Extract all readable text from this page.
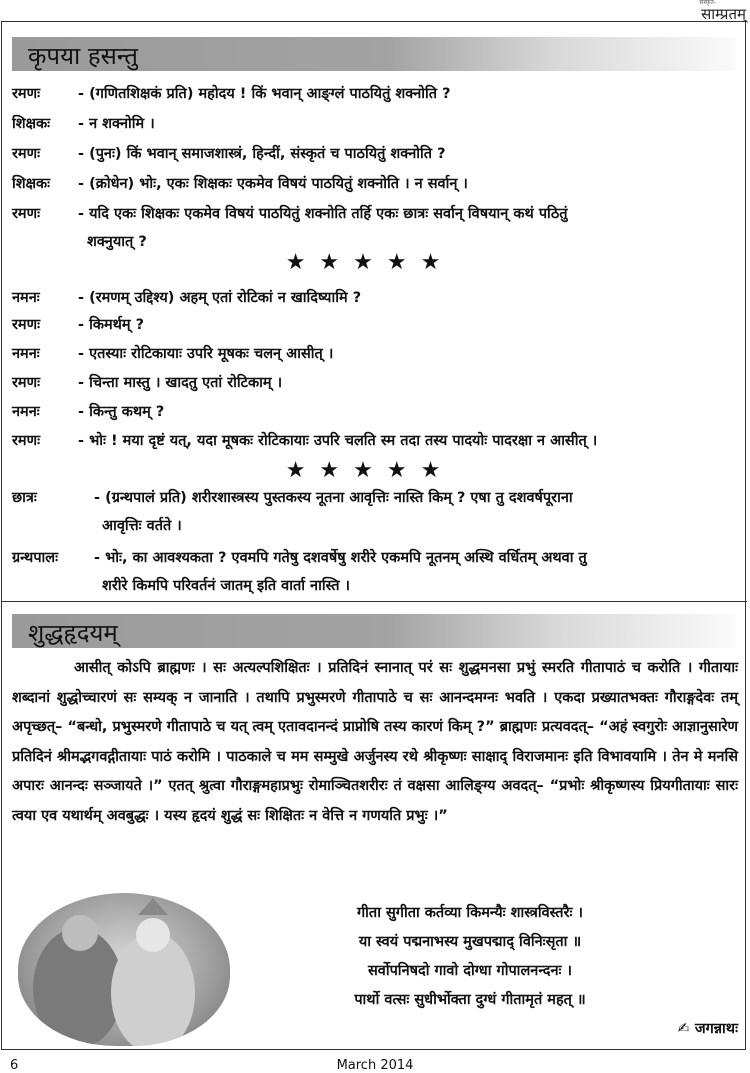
संस्कृत-
साम्प्रतम्
कृपया हसन्तु
रमणः	- (गणितशिक्षकं प्रति) महोदय ! किं भवान् आङ्ग्लं पाठयितुं शक्नोति ?
शिक्षकः - न शक्नोमि ।
रमणः	- (पुनः) किं भवान् समाजशास्त्रं, हिन्दीं, संस्कृतं च पाठयितुं शक्नोति ?
शिक्षकः - (क्रोधेन) भोः, एकः शिक्षकः एकमेव विषयं पाठयितुं शक्नोति । न सर्वान् ।
रमणः	- यदि एकः शिक्षकः एकमेव विषयं पाठयितुं शक्नोति तर्हि एकः छात्रः सर्वान् विषयान् कथं पठितुं
शक्नुयात् ?
नमनः	- (रमणम् उद्दिश्य) अहम् एतां रोटिकां न खादिष्यामि ?
रमणः	- किमर्थम् ?
नमनः	- एतस्याः रोटिकायाः उपरि मूषकः चलन् आसीत् ।
रमणः	- चिन्ता मास्तु । खादतु एतां रोटिकाम् ।
नमनः	- किन्तु कथम् ?
रमणः	- भोः ! मया दृष्टं यत्, यदा मूषकः रोटिकायाः उपरि चलति स्म तदा तस्य पादयोः पादरक्षा न आसीत् ।
छात्रः	- (ग्रन्थपालं प्रति) शरीरशास्त्रस्य पुस्तकस्य नूतना आवृत्तिः नास्ति किम् ? एषा तु दशवर्षपूराना
आवृत्तिः वर्तते ।
ग्रन्थपालः - भोः, का आवश्यकता ? एवमपि गतेषु दशवर्षेषु शरीरे एकमपि नूतनम् अस्थि वर्धितम् अथवा तु
शरीरे किमपि परिवर्तनं जातम् इति वार्ता नास्ति ।
★★★★★
★★★★★
शुद्धहृदयम्
आसीत् कोऽपि ब्राह्मणः । सः अत्यल्पशिक्षितः । प्रतिदिनं स्नानात् परं सः शुद्धमनसा प्रभुं स्मरति गीतापाठं च करोति । गीतायाः शब्दानां शुद्धोच्चारणं सः सम्यक् न जानाति । तथापि प्रभुस्मरणे गीतापाठे च सः आनन्दमग्नः भवति । एकदा प्रख्यातभक्तः गौराङ्गदेवः तम् अपृच्छत्– “बन्धो, प्रभुस्मरणे गीतापाठे च यत् त्वम् एतावदानन्दं प्राप्नोषि तस्य कारणं किम् ?” ब्राह्मणः प्रत्यवदत्– “अहं स्वगुरोः आज्ञानुसारेण प्रतिदिनं श्रीमद्भगवद्गीतायाः पाठं करोमि । पाठकाले च मम सम्मुखे अर्जुनस्य रथे श्रीकृष्णः साक्षाद् विराजमानः इति विभावयामि । तेन मे मनसि अपारः आनन्दः सञ्जायते ।” एतत् श्रुत्वा गौराङ्गमहाप्रभुः रोमाञ्चितशरीरः तं वक्षसा आलिङ्ग्य अवदत्– “प्रभोः श्रीकृष्णस्य प्रियगीतायाः सारः त्वया एव यथार्थम् अवबुद्धः । यस्य हृदयं शुद्धं सः शिक्षितः न वेत्ति न गणयति प्रभुः ।”
गीता सुगीता कर्तव्या किमन्यैः शास्त्रविस्तरैः ।
या स्वयं पद्मनाभस्य मुखपद्माद् विनिःसृता ॥
सर्वोपनिषदो गावो दोग्धा गोपालनन्दनः ।
पार्थो वत्सः सुधीर्भोक्ता दुग्धं गीतामृतं महत् ॥
✍ जगन्नाथः
6	March 2014
